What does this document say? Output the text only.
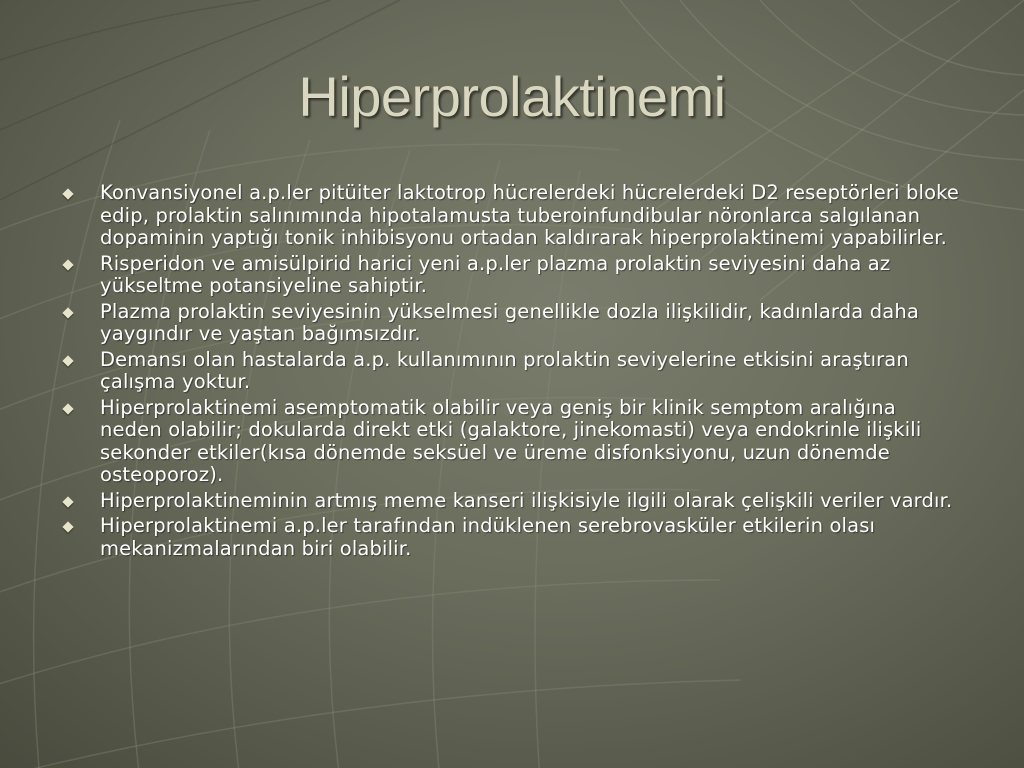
Hiperprolaktinemi
Konvansiyonel a.p.ler pitüiter laktotrop hücrelerdeki hücrelerdeki D2 reseptörleri bloke edip, prolaktin salınımında hipotalamusta tuberoinfundibular nöronlarca salgılanan dopaminin yaptığı tonik inhibisyonu ortadan kaldırarak hiperprolaktinemi yapabilirler.
Risperidon ve amisülpirid harici yeni a.p.ler plazma prolaktin seviyesini daha az yükseltme potansiyeline sahiptir.
Plazma prolaktin seviyesinin yükselmesi genellikle dozla ilişkilidir, kadınlarda daha yaygındır ve yaştan bağımsızdır.
Demansı olan hastalarda a.p. kullanımının prolaktin seviyelerine etkisini araştıran çalışma yoktur.
Hiperprolaktinemi asemptomatik olabilir veya geniş bir klinik semptom aralığına neden olabilir; dokularda direkt etki (galaktore, jinekomasti) veya endokrinle ilişkili sekonder etkiler(kısa dönemde seksüel ve üreme disfonksiyonu, uzun dönemde osteoporoz).
Hiperprolaktineminin artmış meme kanseri ilişkisiyle ilgili olarak çelişkili veriler vardır.
Hiperprolaktinemi a.p.ler tarafından indüklenen serebrovasküler etkilerin olası mekanizmalarından biri olabilir.
